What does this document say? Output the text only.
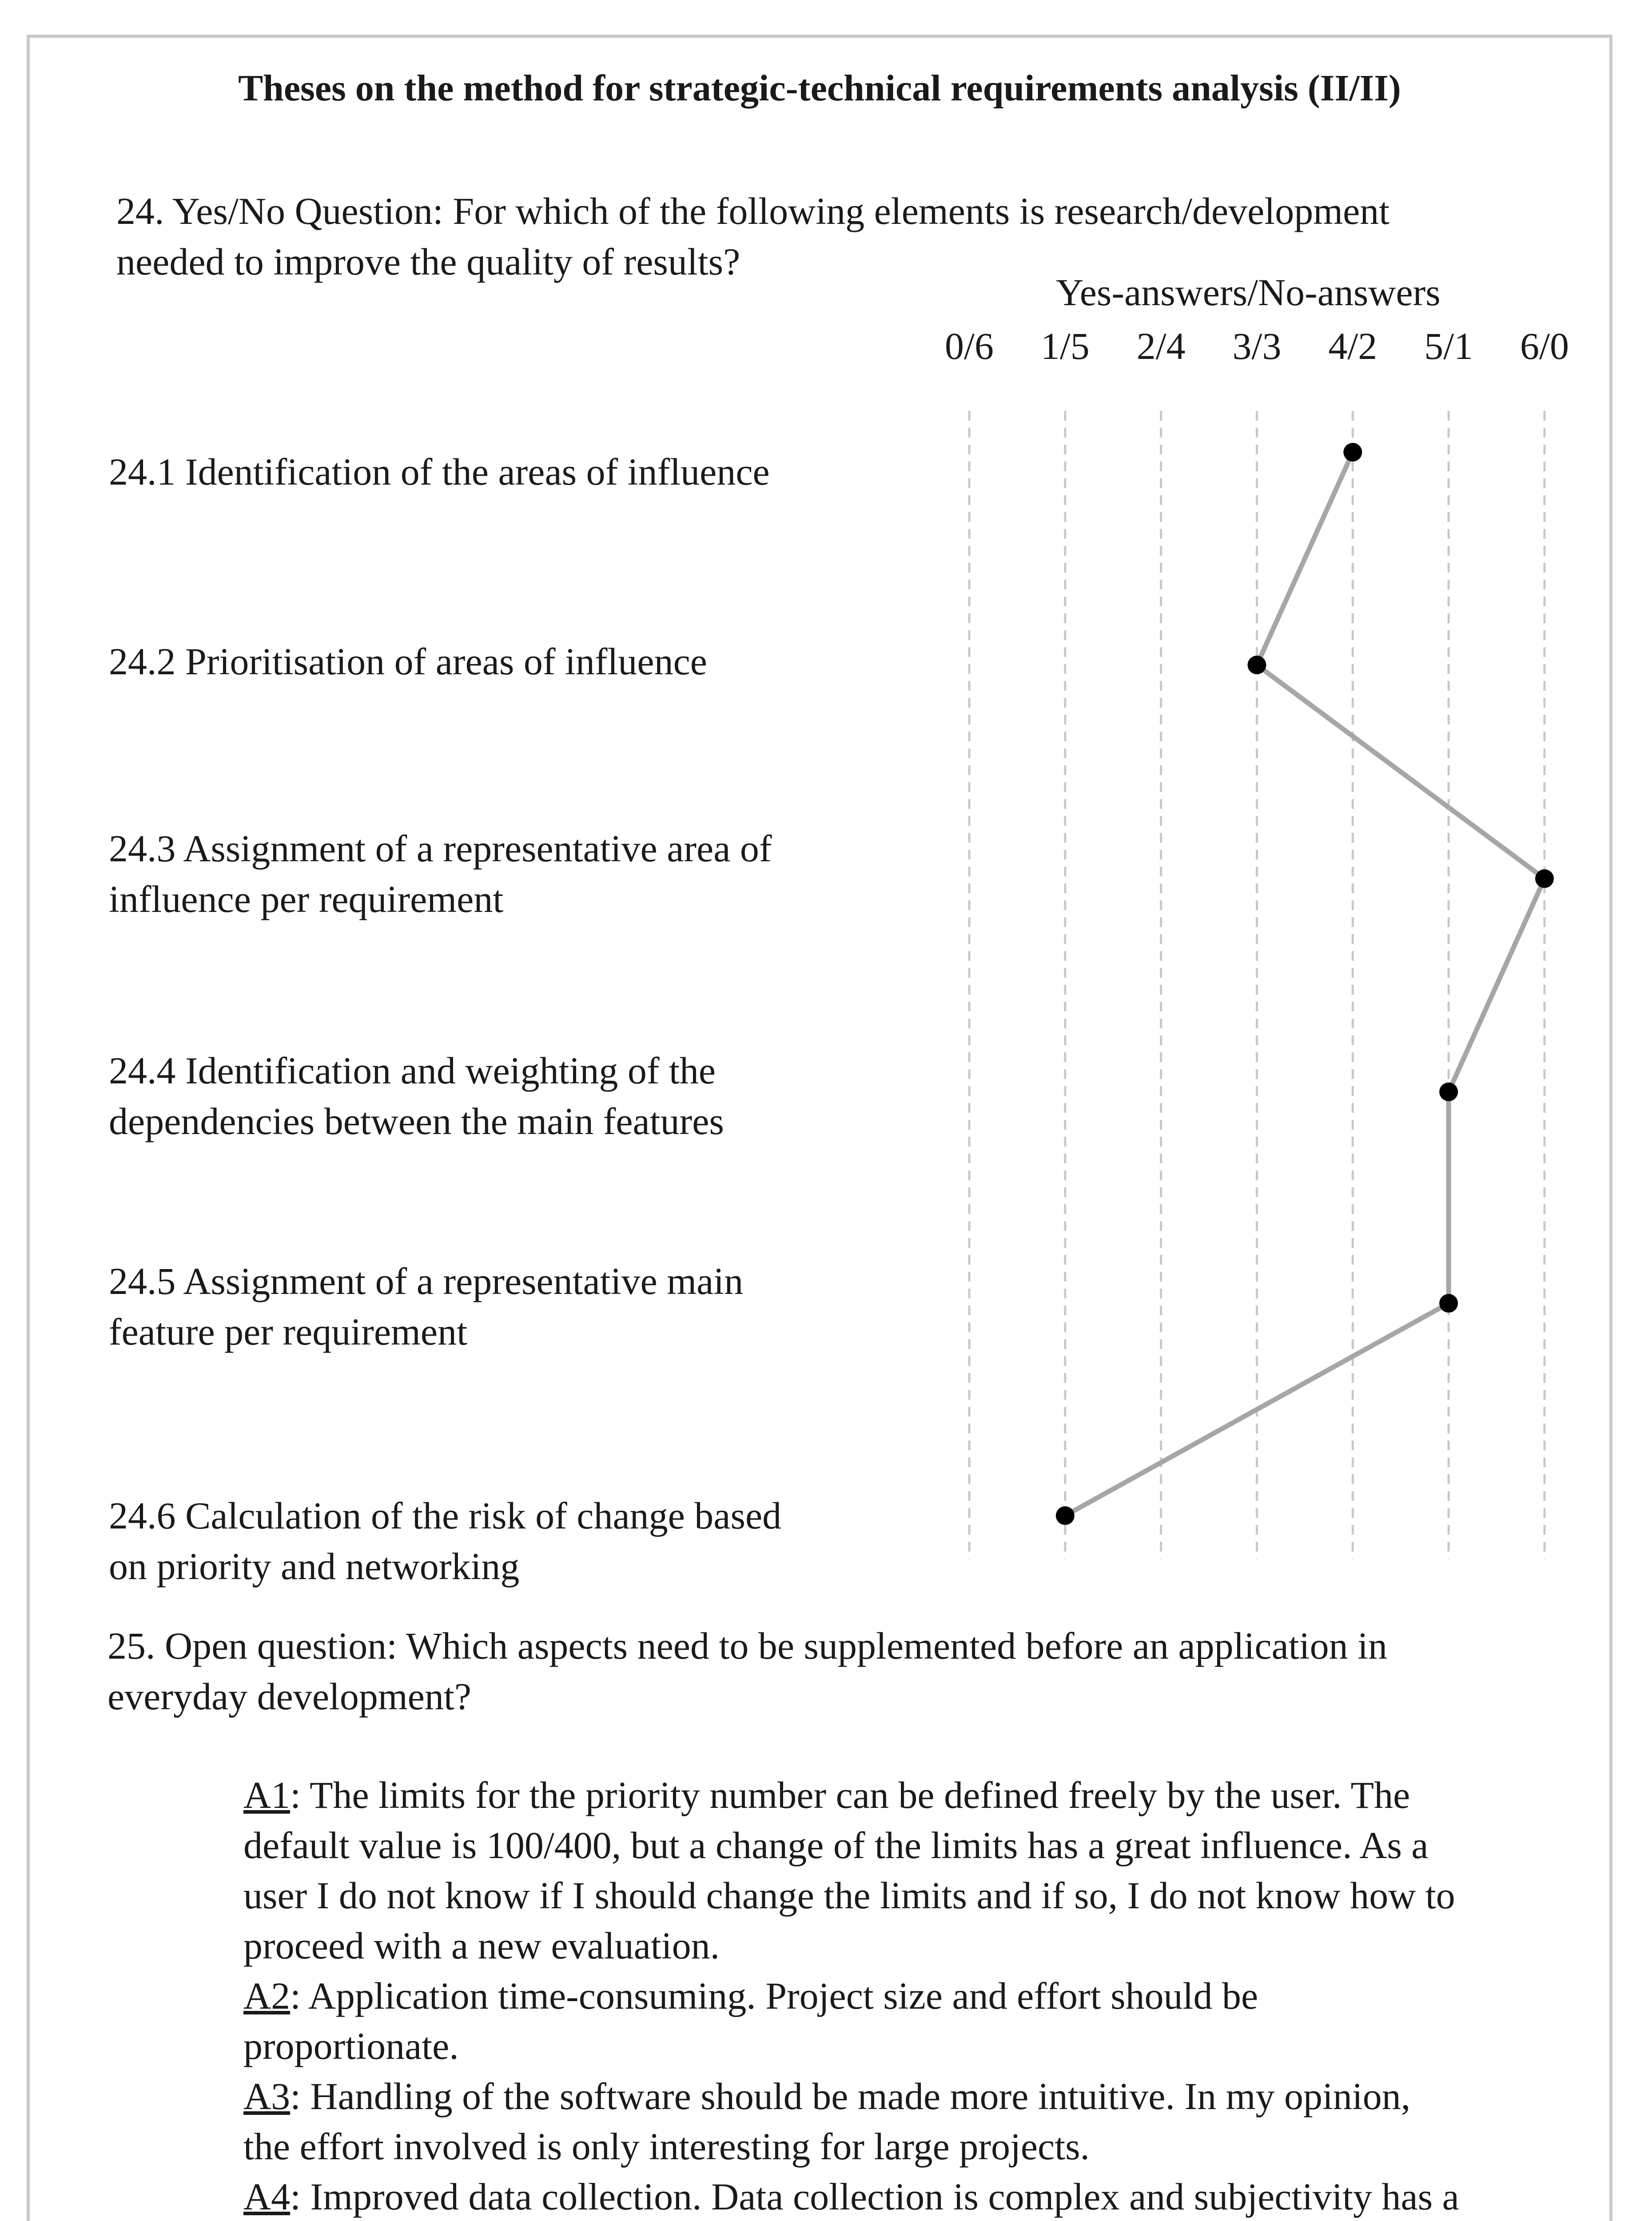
Theses on the method for strategic-technical requirements analysis (II/II)

24. Yes/No Question: For which of the following elements is research/development
needed to improve the quality of results?
24.1 Identification of the areas of influence
24.2 Prioritisation of areas of influence
24.3 Assignment of a representative area of
influence per requirement
24.4 Identification and weighting of the
dependencies between the main features
24.5 Assignment of a representative main
feature per requirement
24.6 Calculation of the risk of change based
on priority and networking
Yes-answers/No-answers
0/6 1/5 2/4 3/3 4/2 5/1 6/0
25. Open question: Which aspects need to be supplemented before an application in
everyday development?
A1: The limits for the priority number can be defined freely by the user. The
default value is 100/400, but a change of the limits has a great influence. As a
user I do not know if I should change the limits and if so, I do not know how to
proceed with a new evaluation.
A2: Application time-consuming. Project size and effort should be
proportionate.
A3: Handling of the software should be made more intuitive. In my opinion,
the effort involved is only interesting for large projects.
A4: Improved data collection. Data collection is complex and subjectivity has a
